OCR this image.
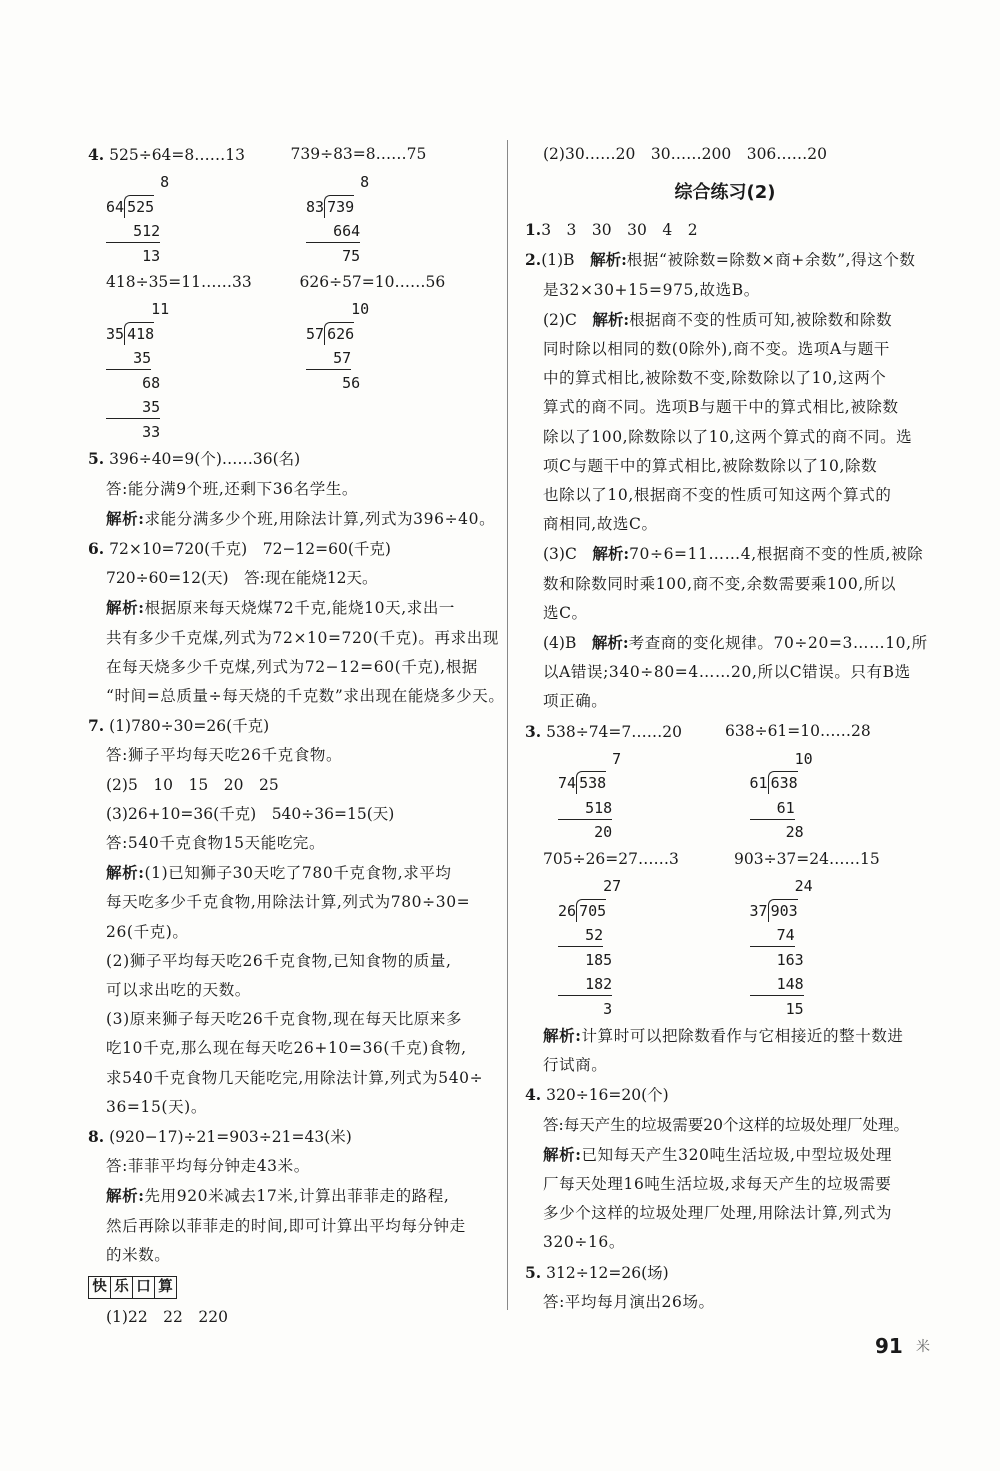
4. 525÷64=8……13	739÷83=8……75
8
64 525
512
13
8
83 739
664
75
418÷35=11……33	626÷57=10……56
11
35 418
35
68
35
33
10
57 626
57
56
5. 396÷40=9(个)……36(名)
答:能分满9个班,还剩下36名学生。
解析:求能分满多少个班,用除法计算,列式为396÷40。
6. 72×10=720(千克)　72−12=60(千克)
720÷60=12(天)　答:现在能烧12天。
解析:根据原来每天烧煤72千克,能烧10天,求出一
共有多少千克煤,列式为72×10=720(千克)。再求出现
在每天烧多少千克煤,列式为72−12=60(千克),根据
“时间=总质量÷每天烧的千克数”求出现在能烧多少天。
7. (1)780÷30=26(千克)
答:狮子平均每天吃26千克食物。
(2)5　10　15　20　25
(3)26+10=36(千克)　540÷36=15(天)
答:540千克食物15天能吃完。
解析:(1)已知狮子30天吃了780千克食物,求平均
每天吃多少千克食物,用除法计算,列式为780÷30=
26(千克)。
(2)狮子平均每天吃26千克食物,已知食物的质量,
可以求出吃的天数。
(3)原来狮子每天吃26千克食物,现在每天比原来多
吃10千克,那么现在每天吃26+10=36(千克)食物,
求540千克食物几天能吃完,用除法计算,列式为540÷
36=15(天)。
8. (920−17)÷21=903÷21=43(米)
答:菲菲平均每分钟走43米。
解析:先用920米减去17米,计算出菲菲走的路程,
然后再除以菲菲走的时间,即可计算出平均每分钟走
的米数。
快 乐 口 算
(1)22　22　220
(2)30……20　30……200　306……20
综合练习(2)
1.3　3　30　30　4　2
2.(1)B　 解析:根据“被除数=除数×商+余数”,得这个数
是32×30+15=975,故选B。
(2)C　 解析:根据商不变的性质可知,被除数和除数
同时除以相同的数(0除外),商不变。选项A与题干
中的算式相比,被除数不变,除数除以了10,这两个
算式的商不同。选项B与题干中的算式相比,被除数
除以了100,除数除以了10,这两个算式的商不同。选
项C与题干中的算式相比,被除数除以了10,除数
也除以了10,根据商不变的性质可知这两个算式的
商相同,故选C。
(3)C　 解析:70÷6=11……4,根据商不变的性质,被除
数和除数同时乘100,商不变,余数需要乘100,所以
选C。
(4)B　 解析:考查商的变化规律。70÷20=3……10,所
以A错误;340÷80=4……20,所以C错误。只有B选
项正确。
3. 538÷74=7……20	638÷61=10……28
7
74 538
518
20
10
61 638
61
28
705÷26=27……3	903÷37=24……15
27
26 705
52
185
182
3
24
37 903
74
163
148
15
解析:计算时可以把除数看作与它相接近的整十数进
行试商。
4. 320÷16=20(个)
答:每天产生的垃圾需要20个这样的垃圾处理厂处理。
解析:已知每天产生320吨生活垃圾,中型垃圾处理
厂每天处理16吨生活垃圾,求每天产生的垃圾需要
多少个这样的垃圾处理厂处理,用除法计算,列式为
320÷16。
5. 312÷12=26(场)
答:平均每月演出26场。
91 米
